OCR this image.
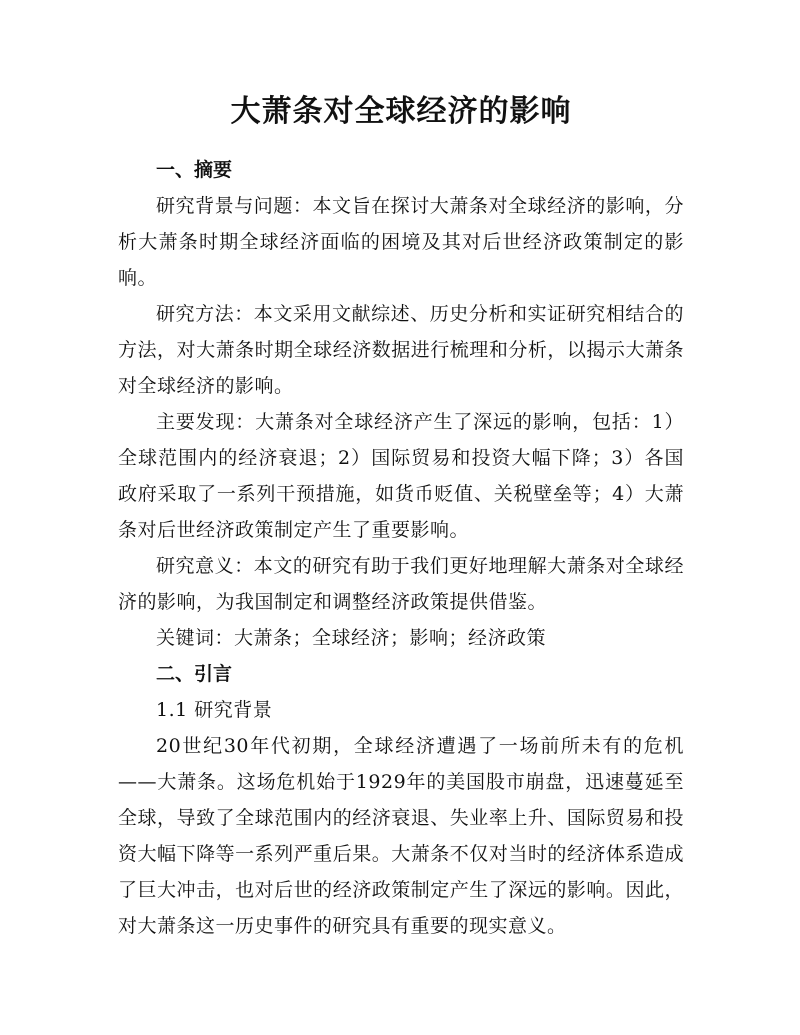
大萧条对全球经济的影响

一、摘要

研究背景与问题：本文旨在探讨大萧条对全球经济的影响，分析大萧条时期全球经济面临的困境及其对后世经济政策制定的影响。

研究方法：本文采用文献综述、历史分析和实证研究相结合的方法，对大萧条时期全球经济数据进行梳理和分析，以揭示大萧条对全球经济的影响。

主要发现：大萧条对全球经济产生了深远的影响，包括：1）全球范围内的经济衰退；2）国际贸易和投资大幅下降；3）各国政府采取了一系列干预措施，如货币贬值、关税壁垒等；4）大萧条对后世经济政策制定产生了重要影响。

研究意义：本文的研究有助于我们更好地理解大萧条对全球经济的影响，为我国制定和调整经济政策提供借鉴。

关键词：大萧条；全球经济；影响；经济政策

二、引言

1.1 研究背景

20世纪30年代初期，全球经济遭遇了一场前所未有的危机——大萧条。这场危机始于1929年的美国股市崩盘，迅速蔓延至全球，导致了全球范围内的经济衰退、失业率上升、国际贸易和投资大幅下降等一系列严重后果。大萧条不仅对当时的经济体系造成了巨大冲击，也对后世的经济政策制定产生了深远的影响。因此，对大萧条这一历史事件的研究具有重要的现实意义。
